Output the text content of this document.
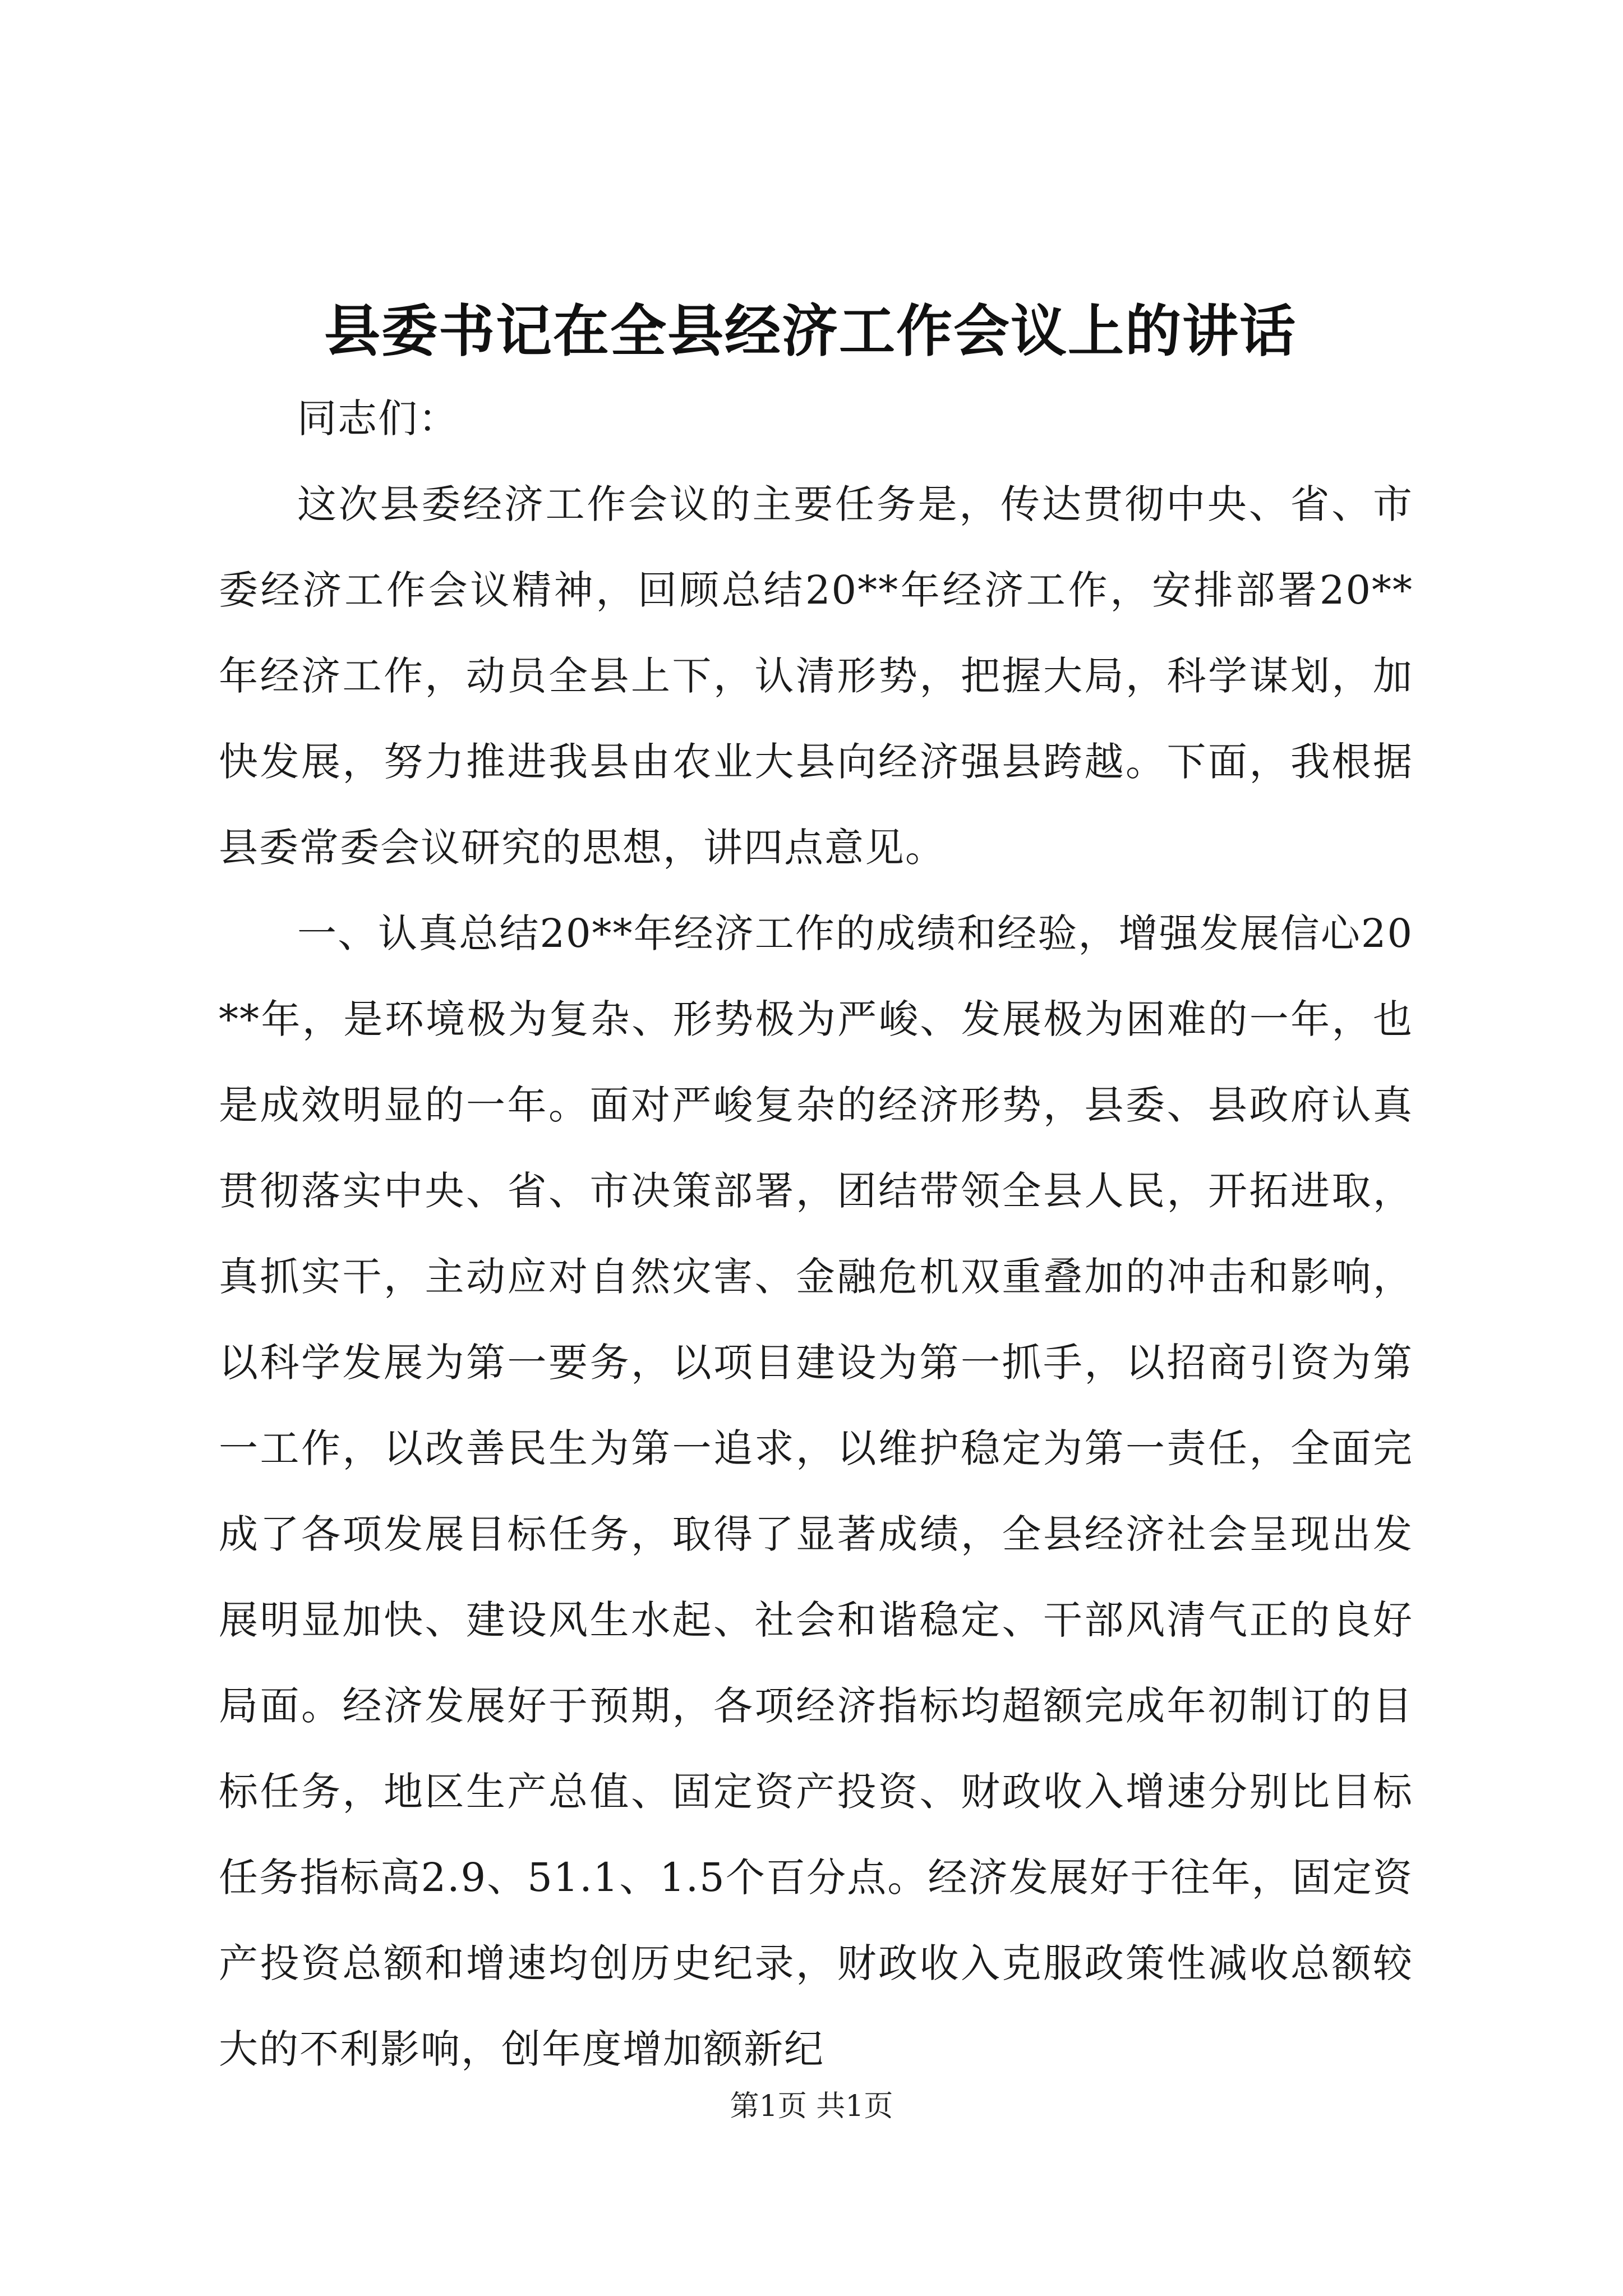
县委书记在全县经济工作会议上的讲话

同志们：

这次县委经济工作会议的主要任务是，传达贯彻中央、省、市委经济工作会议精神，回顾总结20**年经济工作，安排部署20**年经济工作，动员全县上下，认清形势，把握大局，科学谋划，加快发展，努力推进我县由农业大县向经济强县跨越。下面，我根据县委常委会议研究的思想，讲四点意见。

一、认真总结20**年经济工作的成绩和经验，增强发展信心20**年，是环境极为复杂、形势极为严峻、发展极为困难的一年，也是成效明显的一年。面对严峻复杂的经济形势，县委、县政府认真贯彻落实中央、省、市决策部署，团结带领全县人民，开拓进取，真抓实干，主动应对自然灾害、金融危机双重叠加的冲击和影响，以科学发展为第一要务，以项目建设为第一抓手，以招商引资为第一工作，以改善民生为第一追求，以维护稳定为第一责任，全面完成了各项发展目标任务，取得了显著成绩，全县经济社会呈现出发展明显加快、建设风生水起、社会和谐稳定、干部风清气正的良好局面。经济发展好于预期，各项经济指标均超额完成年初制订的目标任务，地区生产总值、固定资产投资、财政收入增速分别比目标任务指标高2.9、51.1、1.5个百分点。经济发展好于往年，固定资产投资总额和增速均创历史纪录，财政收入克服政策性减收总额较大的不利影响，创年度增加额新纪

第1页 共1页
